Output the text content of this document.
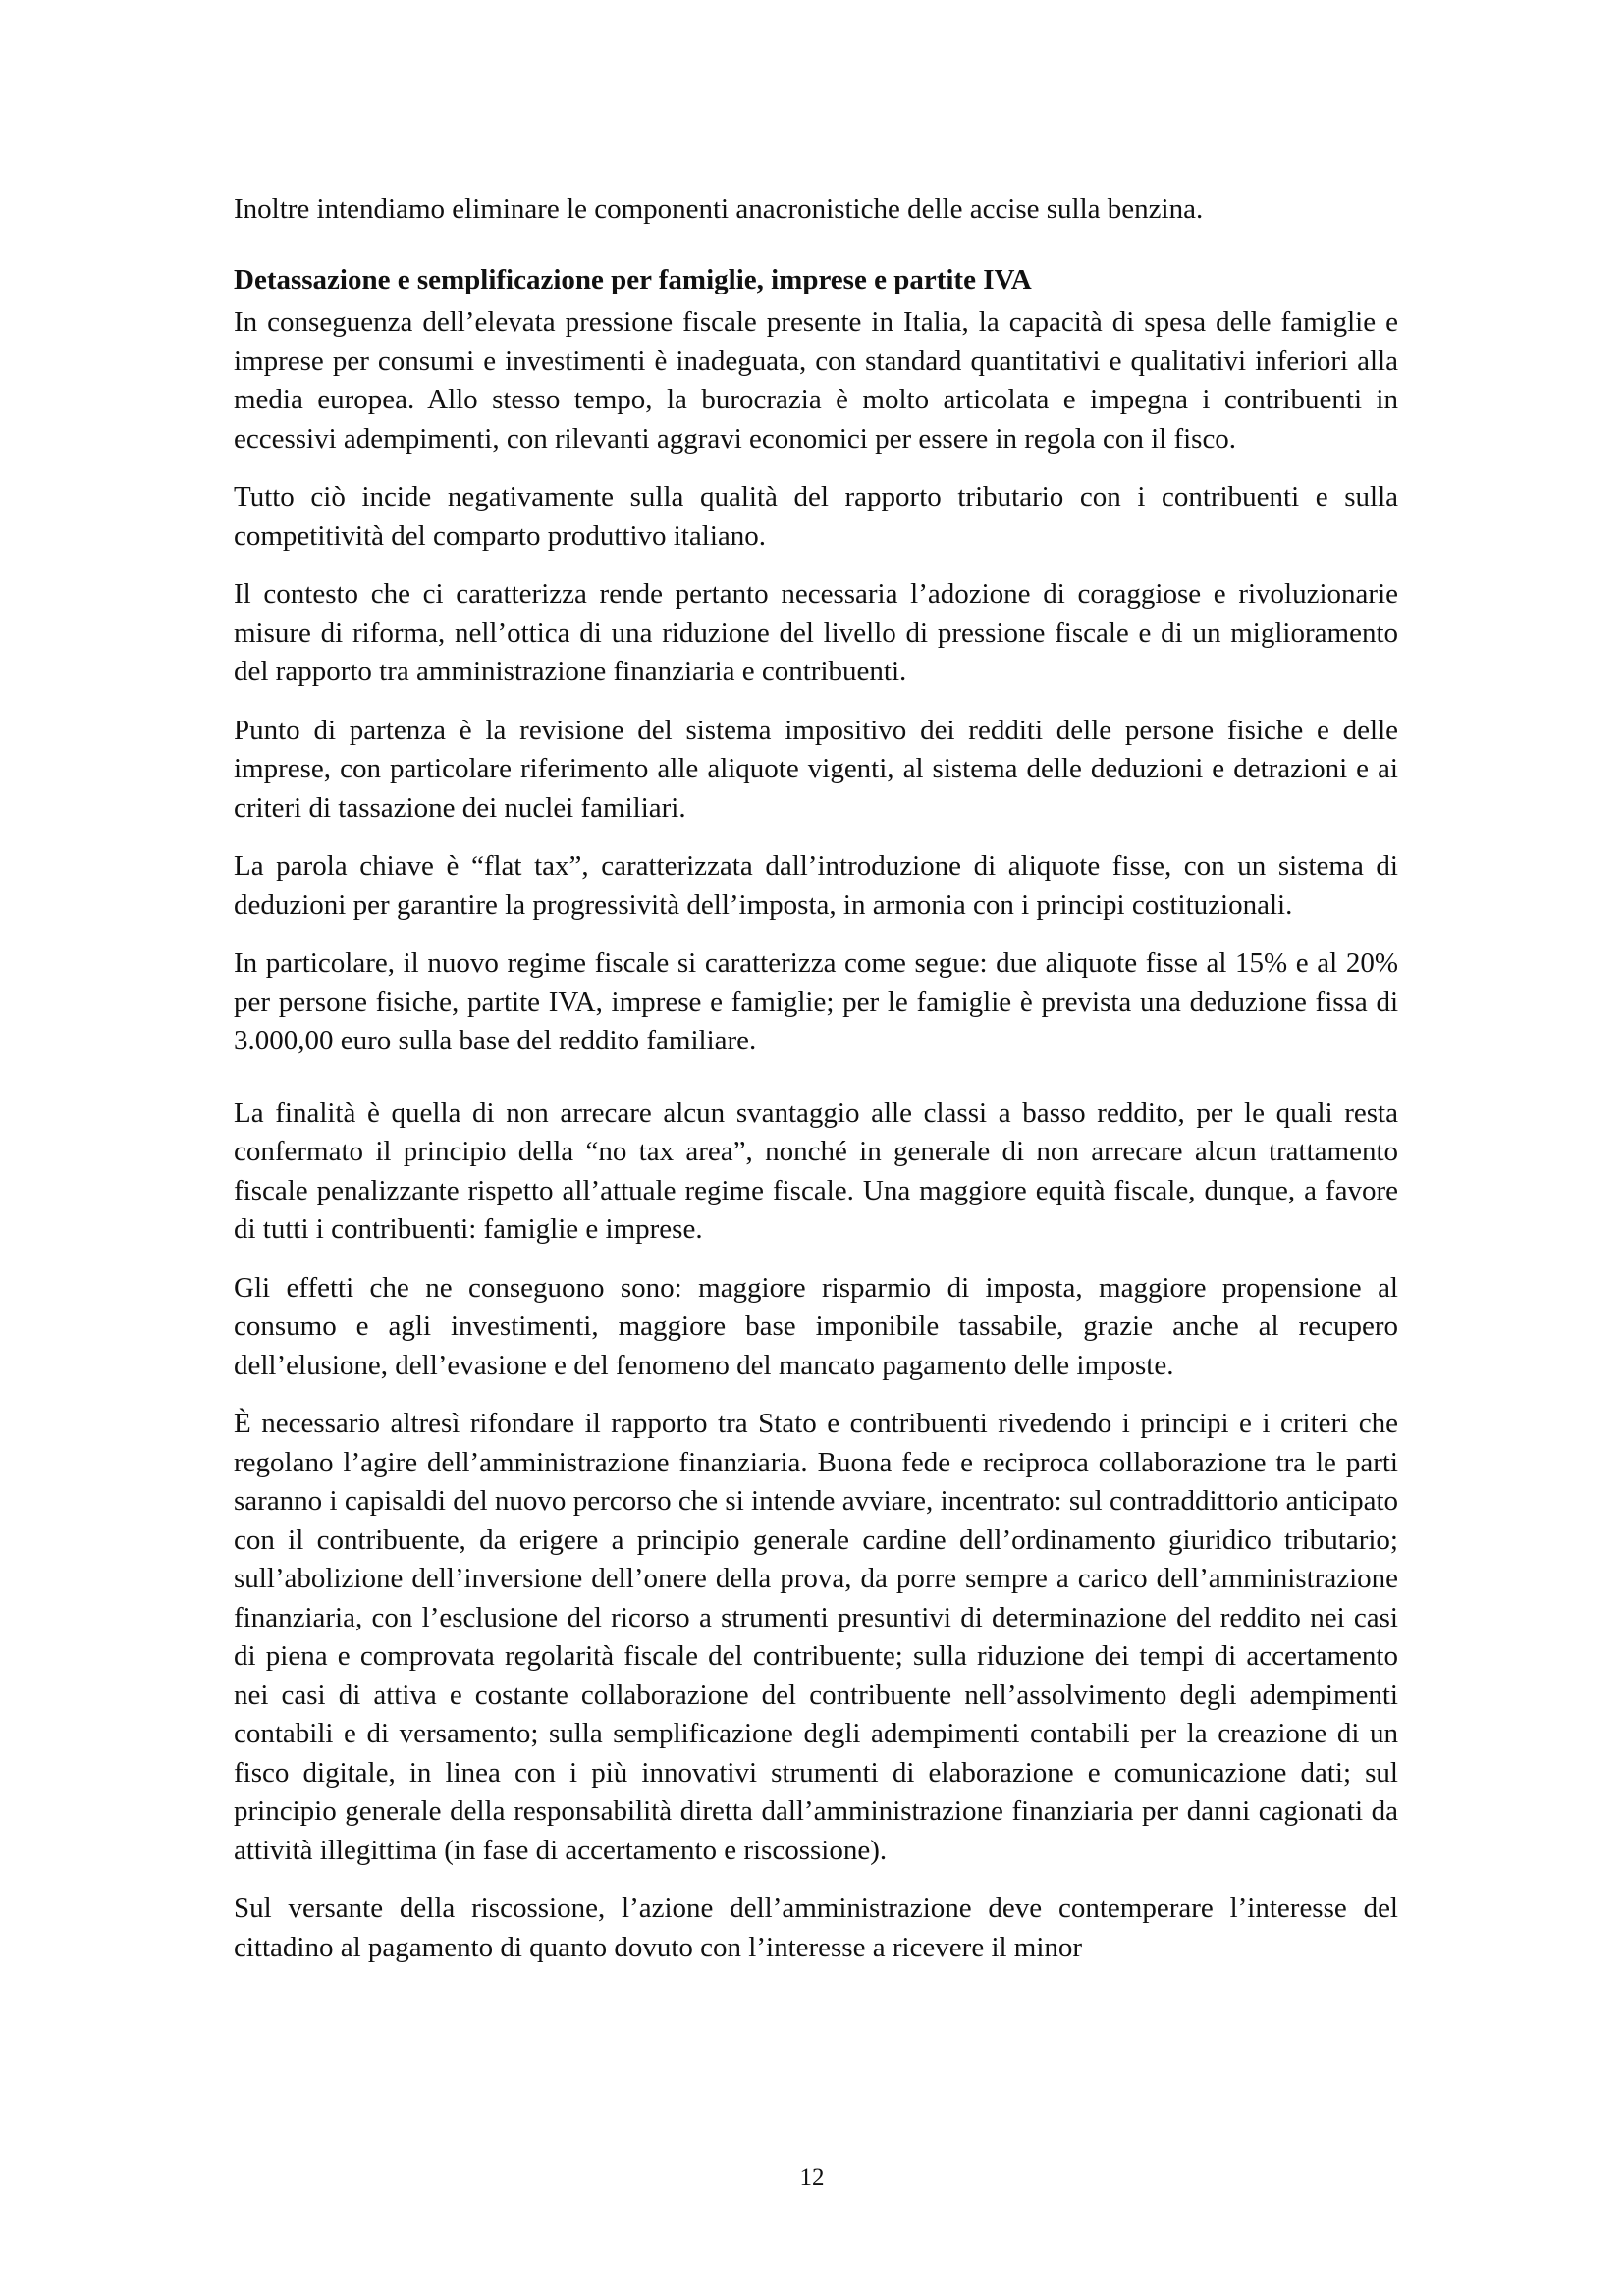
Inoltre intendiamo eliminare le componenti anacronistiche delle accise sulla benzina.

Detassazione e semplificazione per famiglie, imprese e partite IVA

In conseguenza dell’elevata pressione fiscale presente in Italia, la capacità di spesa delle famiglie e imprese per consumi e investimenti è inadeguata, con standard quantitativi e qualitativi inferiori alla media europea. Allo stesso tempo, la burocrazia è molto articolata e impegna i contribuenti in eccessivi adempimenti, con rilevanti aggravi economici per essere in regola con il fisco.

Tutto ciò incide negativamente sulla qualità del rapporto tributario con i contribuenti e sulla competitività del comparto produttivo italiano.

Il contesto che ci caratterizza rende pertanto necessaria l’adozione di coraggiose e rivoluzionarie misure di riforma, nell’ottica di una riduzione del livello di pressione fiscale e di un miglioramento del rapporto tra amministrazione finanziaria e contribuenti.

Punto di partenza è la revisione del sistema impositivo dei redditi delle persone fisiche e delle imprese, con particolare riferimento alle aliquote vigenti, al sistema delle deduzioni e detrazioni e ai criteri di tassazione dei nuclei familiari.

La parola chiave è “flat tax”, caratterizzata dall’introduzione di aliquote fisse, con un sistema di deduzioni per garantire la progressività dell’imposta, in armonia con i principi costituzionali.

In particolare, il nuovo regime fiscale si caratterizza come segue: due aliquote fisse al 15% e al 20% per persone fisiche, partite IVA, imprese e famiglie; per le famiglie è prevista una deduzione fissa di 3.000,00 euro sulla base del reddito familiare.

La finalità è quella di non arrecare alcun svantaggio alle classi a basso reddito, per le quali resta confermato il principio della “no tax area”, nonché in generale di non arrecare alcun trattamento fiscale penalizzante rispetto all’attuale regime fiscale. Una maggiore equità fiscale, dunque, a favore di tutti i contribuenti: famiglie e imprese.

Gli effetti che ne conseguono sono: maggiore risparmio di imposta, maggiore propensione al consumo e agli investimenti, maggiore base imponibile tassabile, grazie anche al recupero dell’elusione, dell’evasione e del fenomeno del mancato pagamento delle imposte.

È necessario altresì rifondare il rapporto tra Stato e contribuenti rivedendo i principi e i criteri che regolano l’agire dell’amministrazione finanziaria. Buona fede e reciproca collaborazione tra le parti saranno i capisaldi del nuovo percorso che si intende avviare, incentrato: sul contraddittorio anticipato con il contribuente, da erigere a principio generale cardine dell’ordinamento giuridico tributario; sull’abolizione dell’inversione dell’onere della prova, da porre sempre a carico dell’amministrazione finanziaria, con l’esclusione del ricorso a strumenti presuntivi di determinazione del reddito nei casi di piena e comprovata regolarità fiscale del contribuente; sulla riduzione dei tempi di accertamento nei casi di attiva e costante collaborazione del contribuente nell’assolvimento degli adempimenti contabili e di versamento; sulla semplificazione degli adempimenti contabili per la creazione di un fisco digitale, in linea con i più innovativi strumenti di elaborazione e comunicazione dati; sul principio generale della responsabilità diretta dall’amministrazione finanziaria per danni cagionati da attività illegittima (in fase di accertamento e riscossione).

Sul versante della riscossione, l’azione dell’amministrazione deve contemperare l’interesse del cittadino al pagamento di quanto dovuto con l’interesse a ricevere il minor

12
